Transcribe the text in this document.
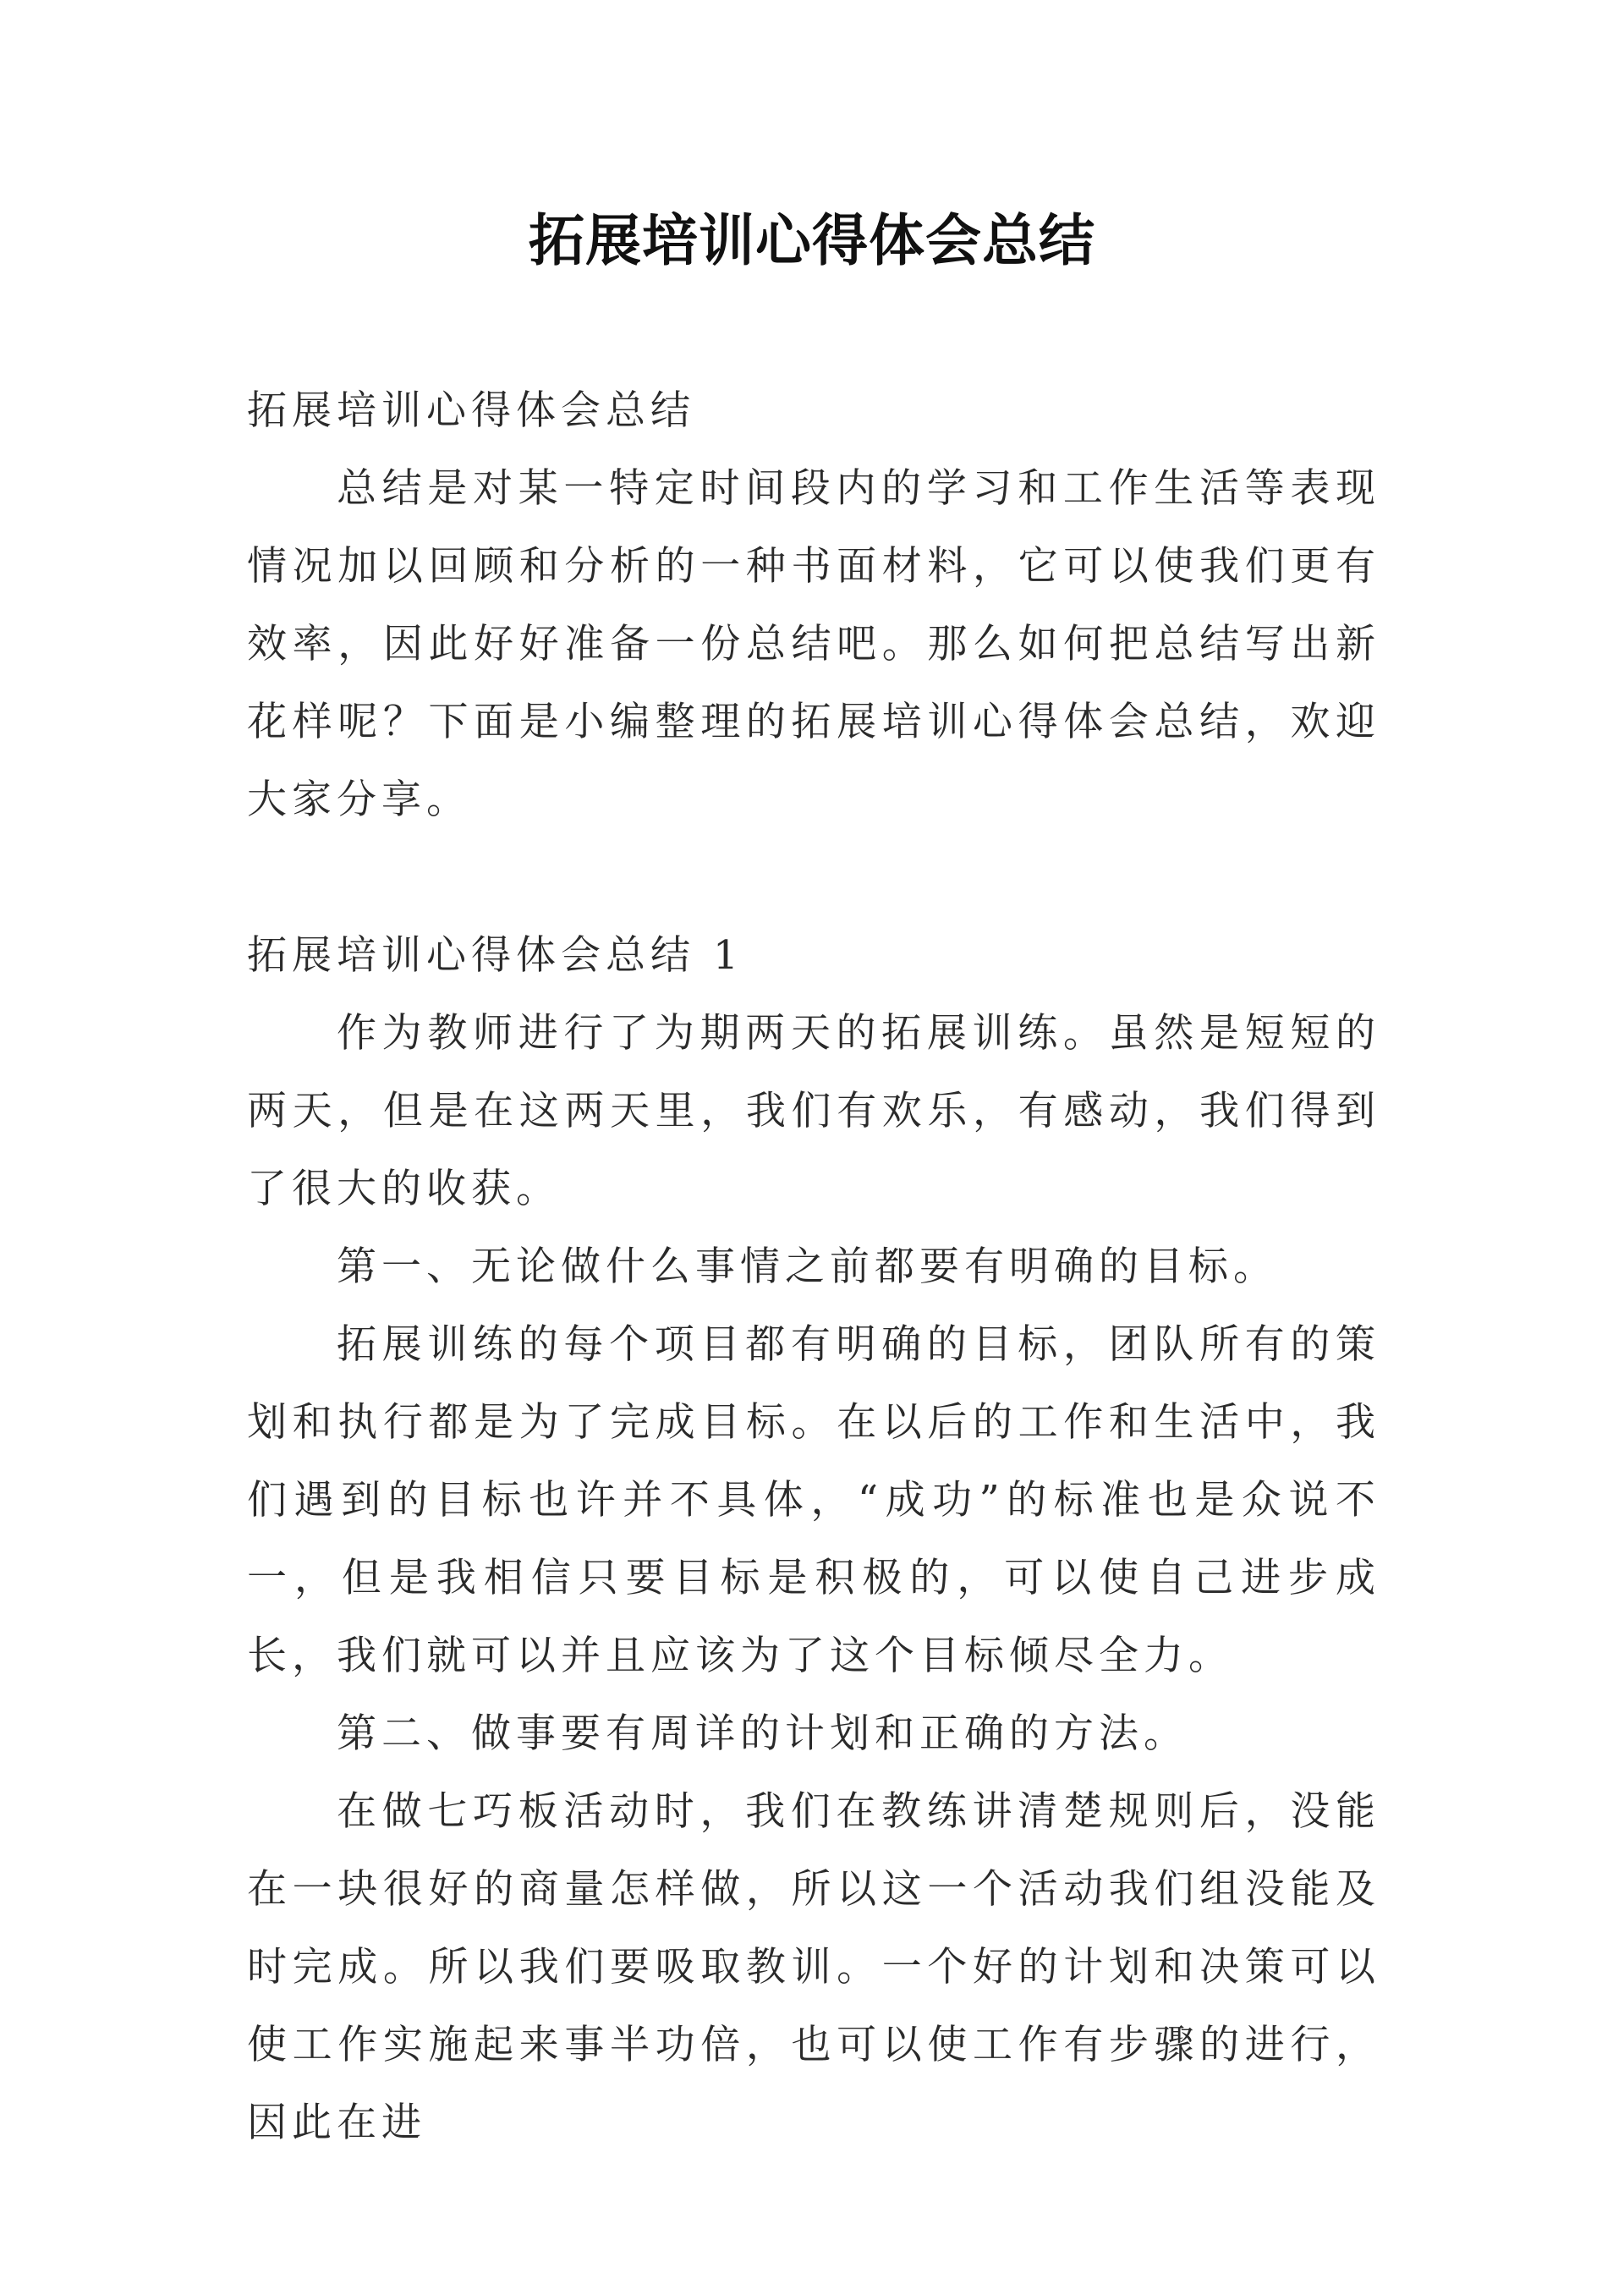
拓展培训心得体会总结

拓展培训心得体会总结

总结是对某一特定时间段内的学习和工作生活等表现情况加以回顾和分析的一种书面材料，它可以使我们更有效率，因此好好准备一份总结吧。那么如何把总结写出新花样呢？下面是小编整理的拓展培训心得体会总结，欢迎大家分享。

拓展培训心得体会总结 1

作为教师进行了为期两天的拓展训练。虽然是短短的两天，但是在这两天里，我们有欢乐，有感动，我们得到了很大的收获。

第一、无论做什么事情之前都要有明确的目标。

拓展训练的每个项目都有明确的目标，团队所有的策划和执行都是为了完成目标。在以后的工作和生活中，我们遇到的目标也许并不具体，“成功”的标准也是众说不一，但是我相信只要目标是积极的，可以使自己进步成长，我们就可以并且应该为了这个目标倾尽全力。

第二、做事要有周详的计划和正确的方法。

在做七巧板活动时，我们在教练讲清楚规则后，没能在一块很好的商量怎样做，所以这一个活动我们组没能及时完成。所以我们要吸取教训。一个好的计划和决策可以使工作实施起来事半功倍，也可以使工作有步骤的进行，因此在进
